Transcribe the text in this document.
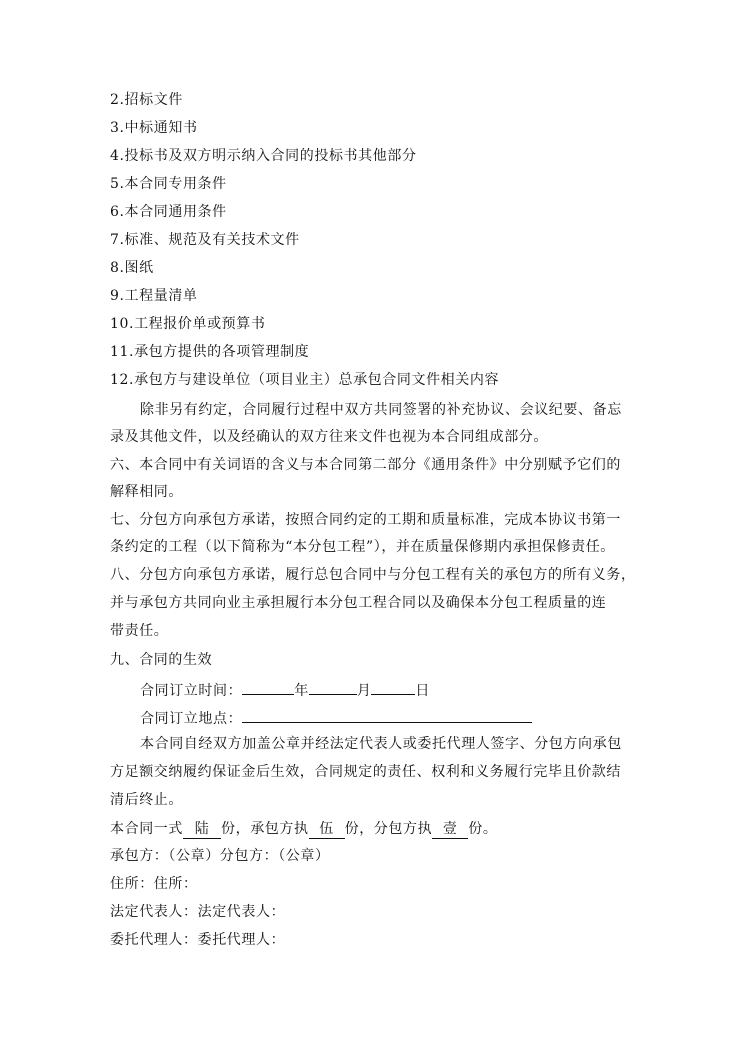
2.招标文件
3.中标通知书
4.投标书及双方明示纳入合同的投标书其他部分
5.本合同专用条件
6.本合同通用条件
7.标准、规范及有关技术文件
8.图纸
9.工程量清单
10.工程报价单或预算书
11.承包方提供的各项管理制度
12.承包方与建设单位（项目业主）总承包合同文件相关内容
除非另有约定，合同履行过程中双方共同签署的补充协议、会议纪要、备忘
录及其他文件，以及经确认的双方往来文件也视为本合同组成部分。
六、本合同中有关词语的含义与本合同第二部分《通用条件》中分别赋予它们的
解释相同。
七、分包方向承包方承诺，按照合同约定的工期和质量标准，完成本协议书第一
条约定的工程（以下简称为“本分包工程”），并在质量保修期内承担保修责任。
八、分包方向承包方承诺，履行总包合同中与分包工程有关的承包方的所有义务，
并与承包方共同向业主承担履行本分包工程合同以及确保本分包工程质量的连
带责任。
九、合同的生效
合同订立时间：	年	月	日
合同订立地点：
本合同自经双方加盖公章并经法定代表人或委托代理人签字、分包方向承包
方足额交纳履约保证金后生效，合同规定的责任、权利和义务履行完毕且价款结
清后终止。
本合同一式 陆 份，承包方执 伍 份，分包方执 壹 份。
承包方：（公章）分包方：（公章）
住所：住所：
法定代表人：法定代表人：
委托代理人：委托代理人：
